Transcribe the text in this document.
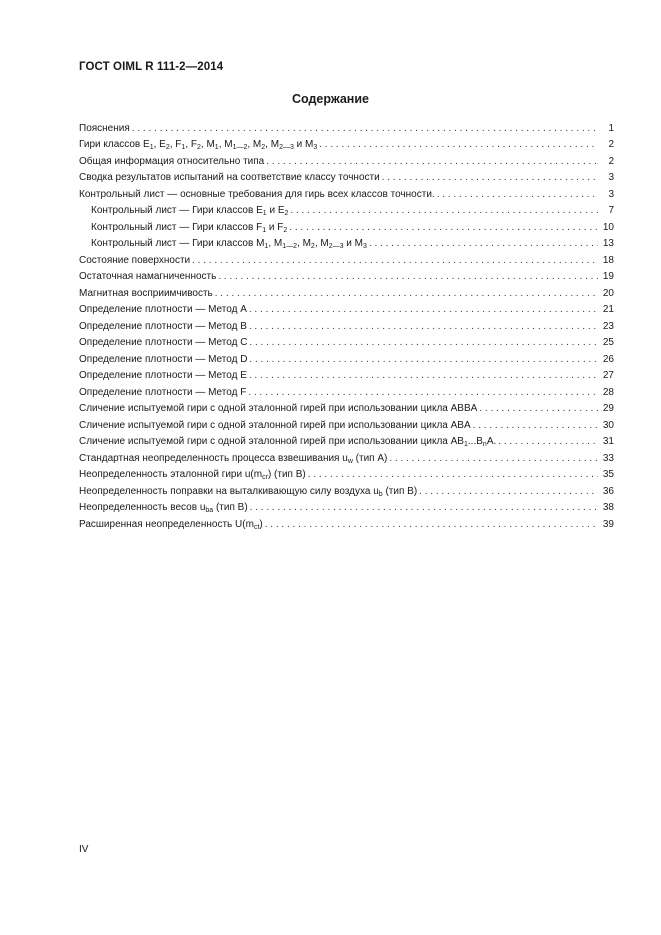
ГОСТ OIML R 111-2—2014
Содержание
Пояснения . . .	1
Гири классов $E_1$, $E_2$, $F_1$, $F_2$, $M_1$, $M_{1—2}$, $M_2$, $M_{2—3}$ и $M_3$ . . .	2
Общая информация относительно типа . . .	2
Сводка результатов испытаний на соответствие классу точности . . .	3
Контрольный лист — основные требования для гирь всех классов точности. . . .	3
Контрольный лист — Гири классов $E_1$ и $E_2$ . . .	7
Контрольный лист — Гири классов $F_1$ и $F_2$ . . .	10
Контрольный лист — Гири классов $M_1$, $M_{1—2}$, $M_2$, $M_{2—3}$ и $M_3$ . . .	13
Состояние поверхности . . .	18
Остаточная намагниченность . . .	19
Магнитная восприимчивость . . .	20
Определение плотности — Метод A . . .	21
Определение плотности — Метод B . . .	23
Определение плотности — Метод C . . .	25
Определение плотности — Метод D . . .	26
Определение плотности — Метод E . . .	27
Определение плотности — Метод F . . .	28
Сличение испытуемой гири с одной эталонной гирей при использовании цикла ABBA . . .	29
Сличение испытуемой гири с одной эталонной гирей при использовании цикла ABA . . .	30
Сличение испытуемой гири с одной эталонной гирей при использовании цикла $AB_1...B_nA$. . . .	31
Стандартная неопределенность процесса взвешивания $u_w$ (тип A) . . .	33
Неопределенность эталонной гири $u(m_{cr})$ (тип B) . . .	35
Неопределенность поправки на выталкивающую силу воздуха $u_b$ (тип B) . . .	36
Неопределенность весов $u_{ba}$ (тип B) . . .	38
Расширенная неопределенность $U(m_{ct})$ . . .	39
IV
